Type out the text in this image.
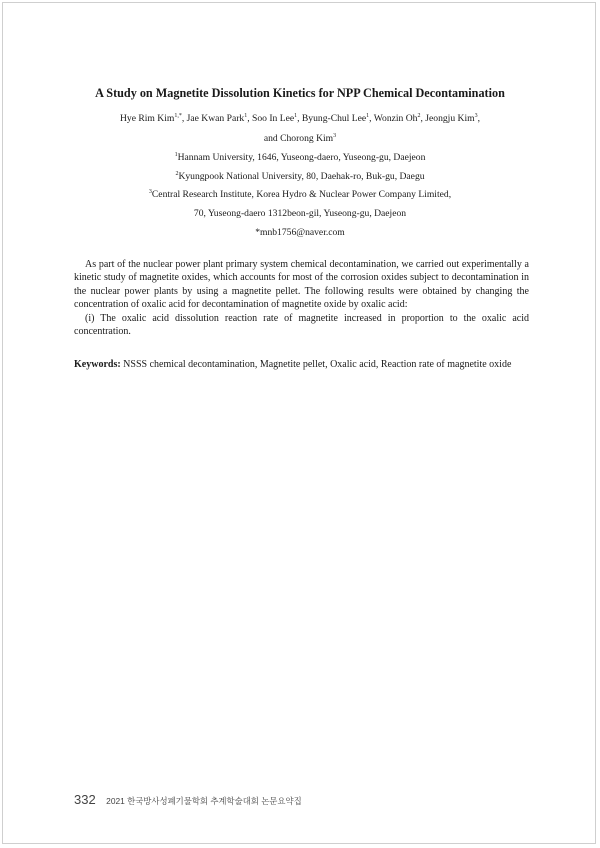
A Study on Magnetite Dissolution Kinetics for NPP Chemical Decontamination
Hye Rim Kim$^{1,*}$, Jae Kwan Park$^1$, Soo In Lee$^1$, Byung-Chul Lee$^1$, Wonzin Oh$^2$, Jeongju Kim$^3$,
and Chorong Kim$^3$
$^1$Hannam University, 1646, Yuseong-daero, Yuseong-gu, Daejeon
$^2$Kyungpook National University, 80, Daehak-ro, Buk-gu, Daegu
$^3$Central Research Institute, Korea Hydro & Nuclear Power Company Limited,
70, Yuseong-daero 1312beon-gil, Yuseong-gu, Daejeon
*mnb1756@naver.com

As part of the nuclear power plant primary system chemical decontamination, we carried out experimentally a kinetic study of magnetite oxides, which accounts for most of the corrosion oxides subject to decontamination in the nuclear power plants by using a magnetite pellet. The following results were obtained by changing the concentration of oxalic acid for decontamination of magnetite oxide by oxalic acid:

(i) The oxalic acid dissolution reaction rate of magnetite increased in proportion to the oxalic acid concentration.

Keywords: NSSS chemical decontamination, Magnetite pellet, Oxalic acid, Reaction rate of magnetite oxide

332 2021 한국방사성폐기물학회 추계학술대회 논문요약집
